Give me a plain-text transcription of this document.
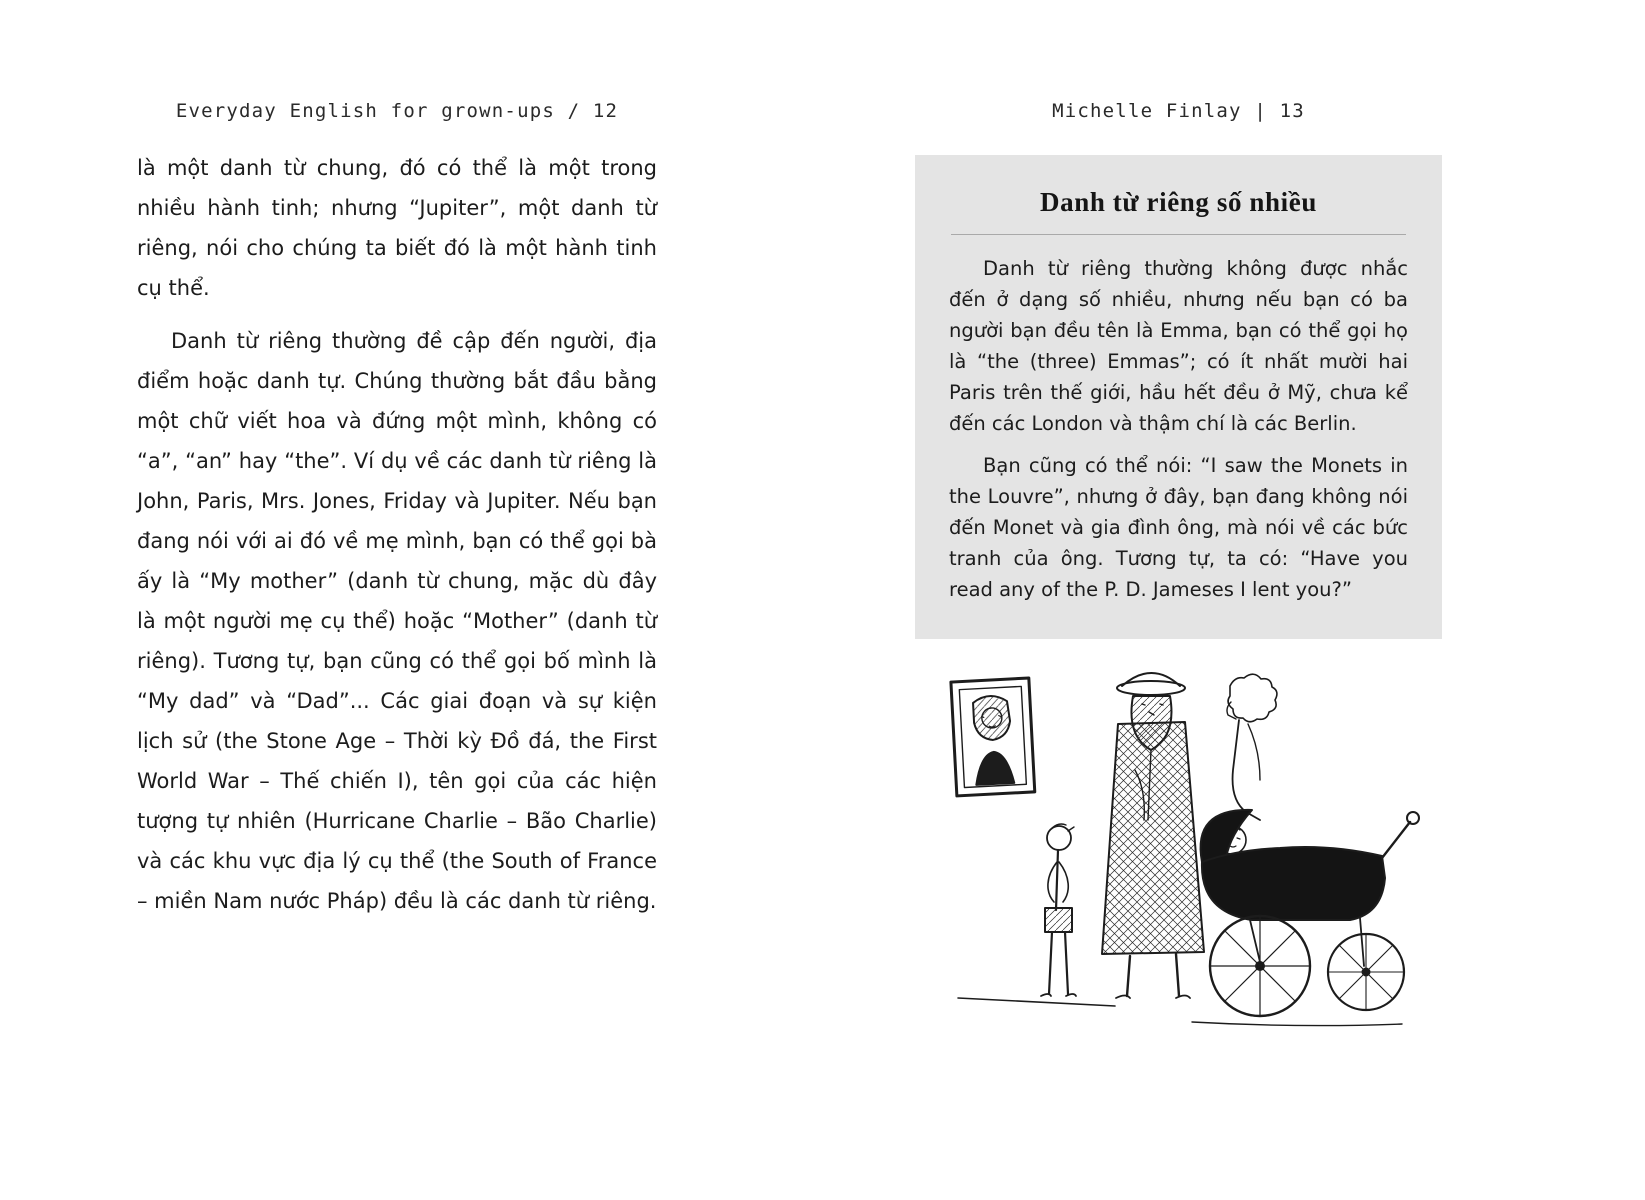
Everyday English for grown-ups / 12	Michelle Finlay | 13

là một danh từ chung, đó có thể là một trong nhiều hành tinh; nhưng “Jupiter”, một danh từ riêng, nói cho chúng ta biết đó là một hành tinh cụ thể.

Danh từ riêng thường đề cập đến người, địa điểm hoặc danh tự. Chúng thường bắt đầu bằng một chữ viết hoa và đứng một mình, không có “a”, “an” hay “the”. Ví dụ về các danh từ riêng là John, Paris, Mrs. Jones, Friday và Jupiter. Nếu bạn đang nói với ai đó về mẹ mình, bạn có thể gọi bà ấy là “My mother” (danh từ chung, mặc dù đây là một người mẹ cụ thể) hoặc “Mother” (danh từ riêng). Tương tự, bạn cũng có thể gọi bố mình là “My dad” và “Dad”... Các giai đoạn và sự kiện lịch sử (the Stone Age – Thời kỳ Đồ đá, the First World War – Thế chiến I), tên gọi của các hiện tượng tự nhiên (Hurricane Charlie – Bão Charlie) và các khu vực địa lý cụ thể (the South of France – miền Nam nước Pháp) đều là các danh từ riêng.

Danh từ riêng số nhiều

Danh từ riêng thường không được nhắc đến ở dạng số nhiều, nhưng nếu bạn có ba người bạn đều tên là Emma, bạn có thể gọi họ là “the (three) Emmas”; có ít nhất mười hai Paris trên thế giới, hầu hết đều ở Mỹ, chưa kể đến các London và thậm chí là các Berlin.

Bạn cũng có thể nói: “I saw the Monets in the Louvre”, nhưng ở đây, bạn đang không nói đến Monet và gia đình ông, mà nói về các bức tranh của ông. Tương tự, ta có: “Have you read any of the P. D. Jameses I lent you?”
